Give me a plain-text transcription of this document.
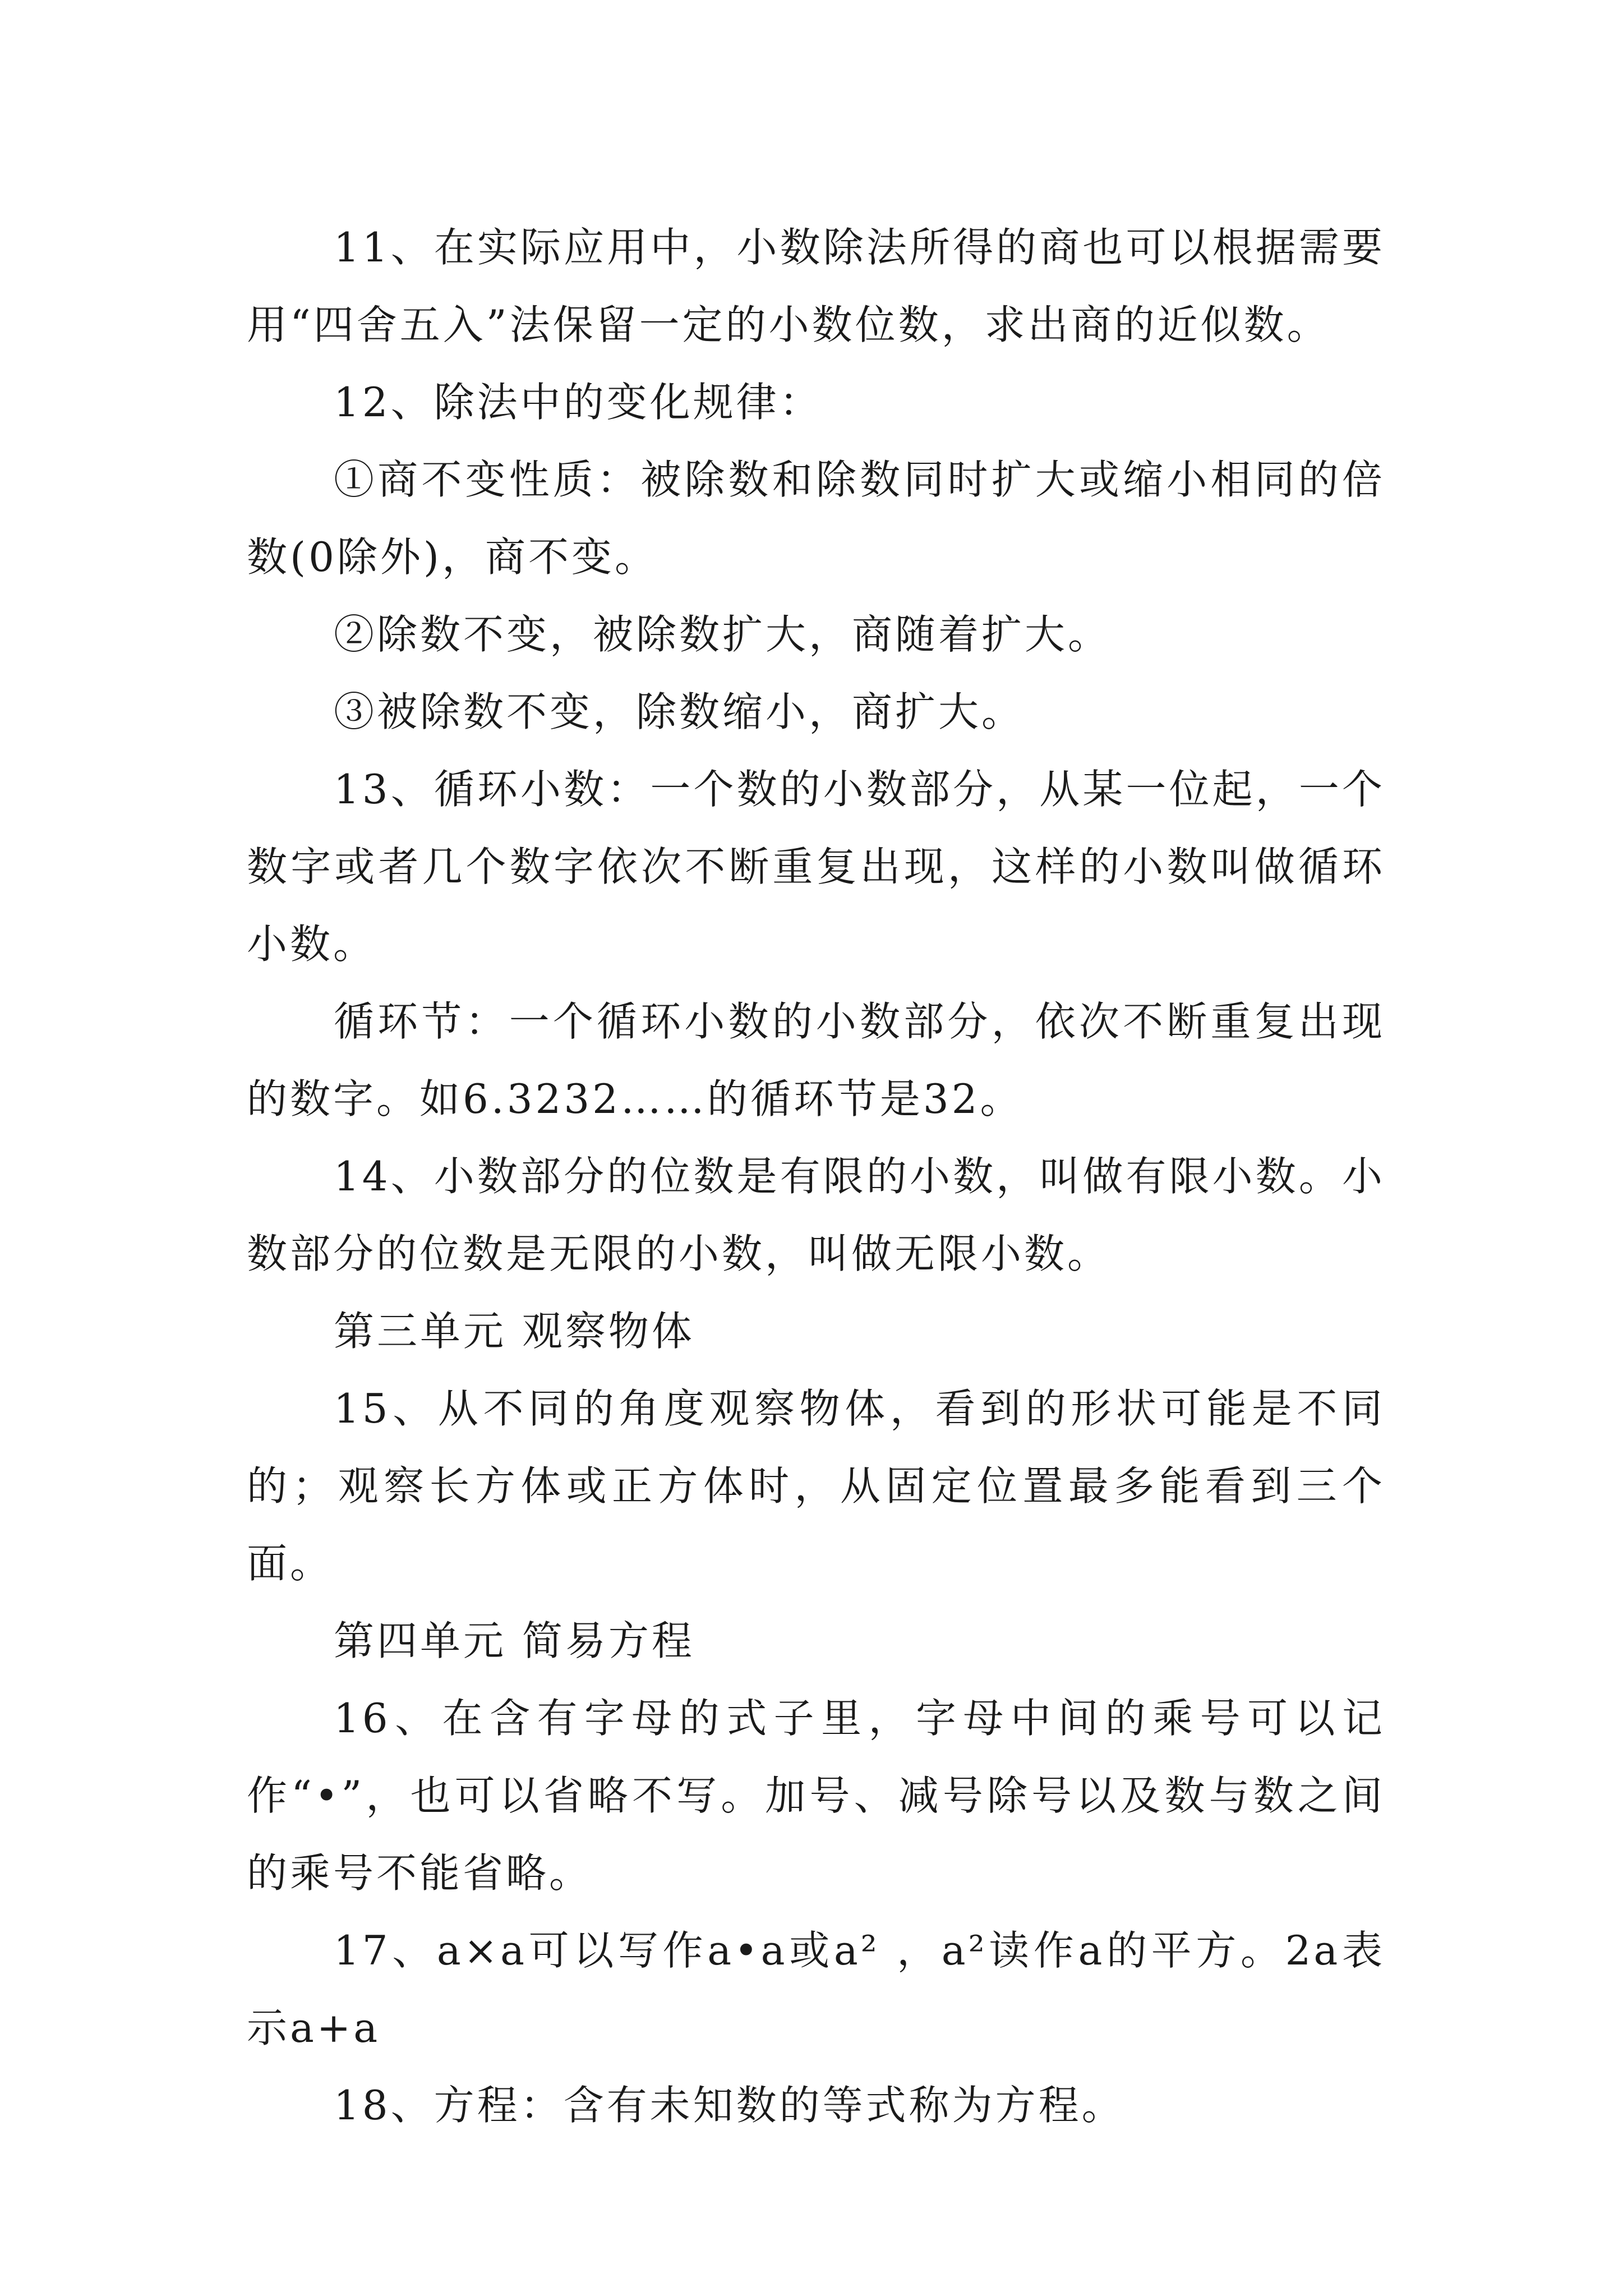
11、在实际应用中，小数除法所得的商也可以根据需要用“四舍五入”法保留一定的小数位数，求出商的近似数。

12、除法中的变化规律：

①商不变性质：被除数和除数同时扩大或缩小相同的倍数(0除外)，商不变。

②除数不变，被除数扩大，商随着扩大。

③被除数不变，除数缩小，商扩大。

13、循环小数：一个数的小数部分，从某一位起，一个数字或者几个数字依次不断重复出现，这样的小数叫做循环小数。

循环节：一个循环小数的小数部分，依次不断重复出现的数字。如6.3232……的循环节是32。

14、小数部分的位数是有限的小数，叫做有限小数。小数部分的位数是无限的小数，叫做无限小数。

第三单元 观察物体

15、从不同的角度观察物体，看到的形状可能是不同的；观察长方体或正方体时，从固定位置最多能看到三个面。

第四单元 简易方程

16、在含有字母的式子里，字母中间的乘号可以记作“•”，也可以省略不写。加号、减号除号以及数与数之间的乘号不能省略。

17、a×a可以写作a•a或a² ，a²读作a的平方。2a表示a+a

18、方程：含有未知数的等式称为方程。
